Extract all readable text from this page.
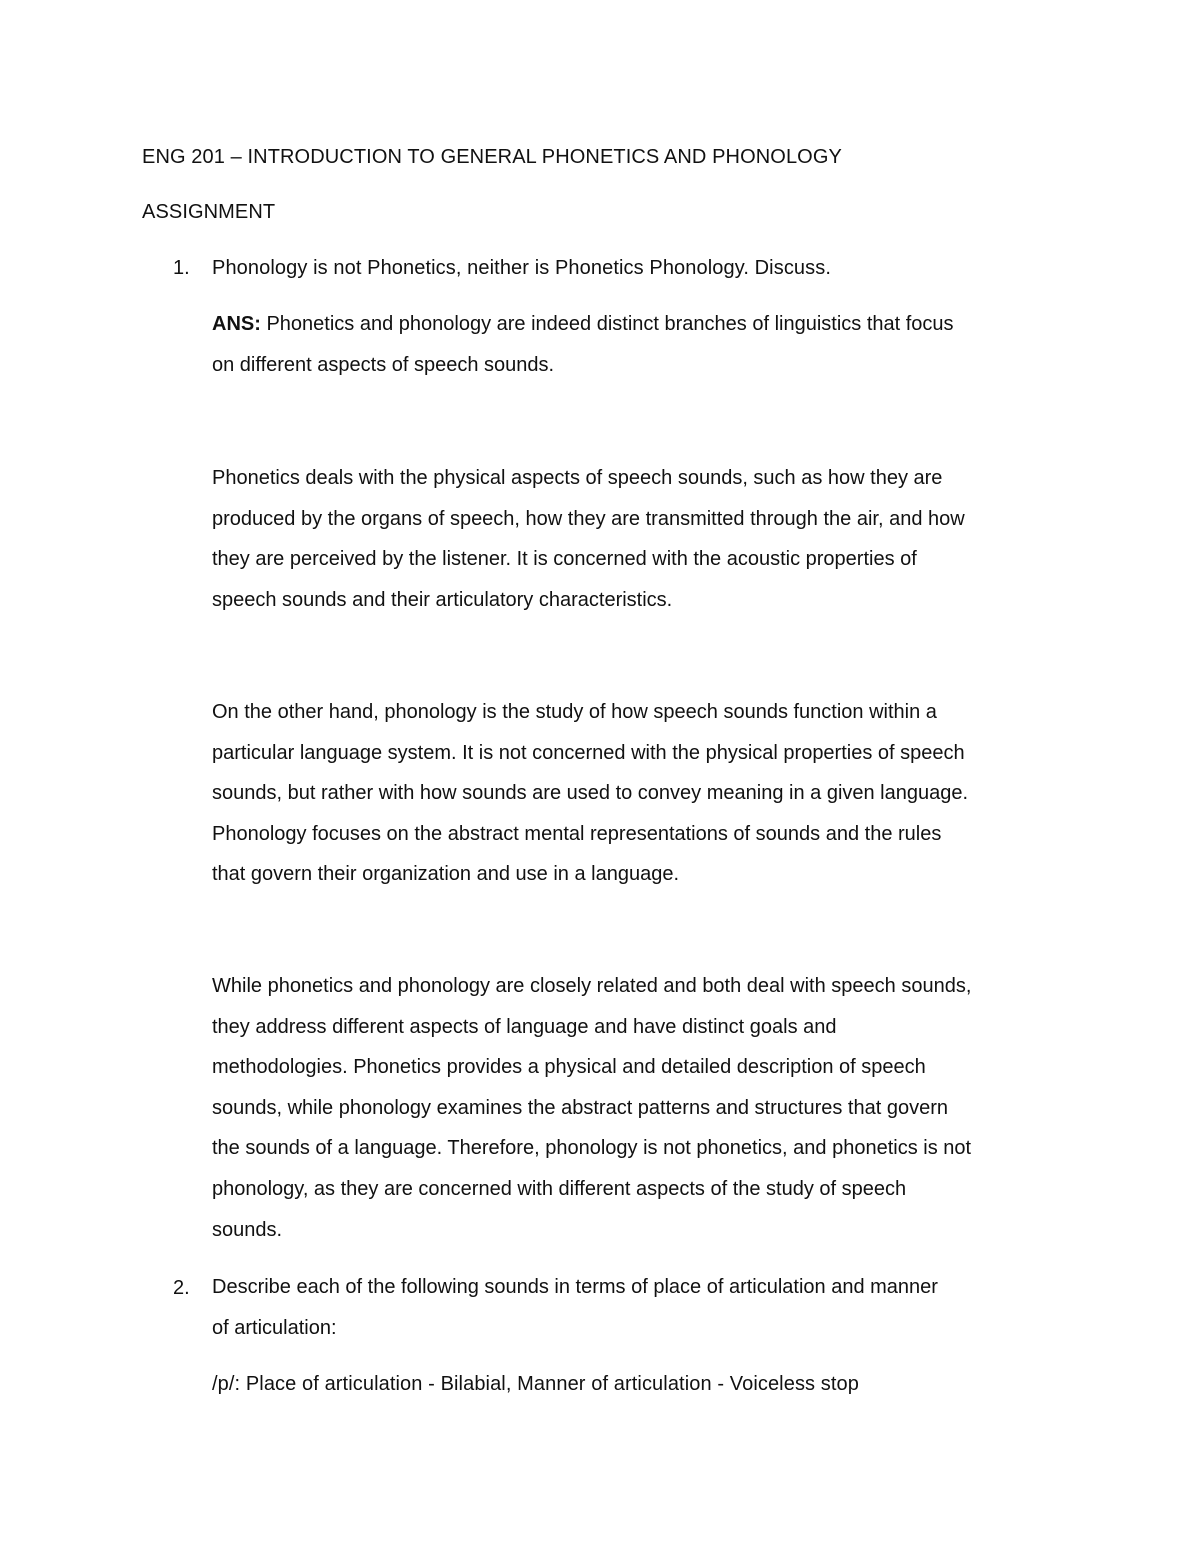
ENG 201 – INTRODUCTION TO GENERAL PHONETICS AND PHONOLOGY
ASSIGNMENT
1. Phonology is not Phonetics, neither is Phonetics Phonology. Discuss.
ANS: Phonetics and phonology are indeed distinct branches of linguistics that focus
on different aspects of speech sounds.
Phonetics deals with the physical aspects of speech sounds, such as how they are
produced by the organs of speech, how they are transmitted through the air, and how
they are perceived by the listener. It is concerned with the acoustic properties of
speech sounds and their articulatory characteristics.
On the other hand, phonology is the study of how speech sounds function within a
particular language system. It is not concerned with the physical properties of speech
sounds, but rather with how sounds are used to convey meaning in a given language.
Phonology focuses on the abstract mental representations of sounds and the rules
that govern their organization and use in a language.
While phonetics and phonology are closely related and both deal with speech sounds,
they address different aspects of language and have distinct goals and
methodologies. Phonetics provides a physical and detailed description of speech
sounds, while phonology examines the abstract patterns and structures that govern
the sounds of a language. Therefore, phonology is not phonetics, and phonetics is not
phonology, as they are concerned with different aspects of the study of speech
sounds.
2. Describe each of the following sounds in terms of place of articulation and manner
of articulation:
/p/: Place of articulation - Bilabial, Manner of articulation - Voiceless stop
